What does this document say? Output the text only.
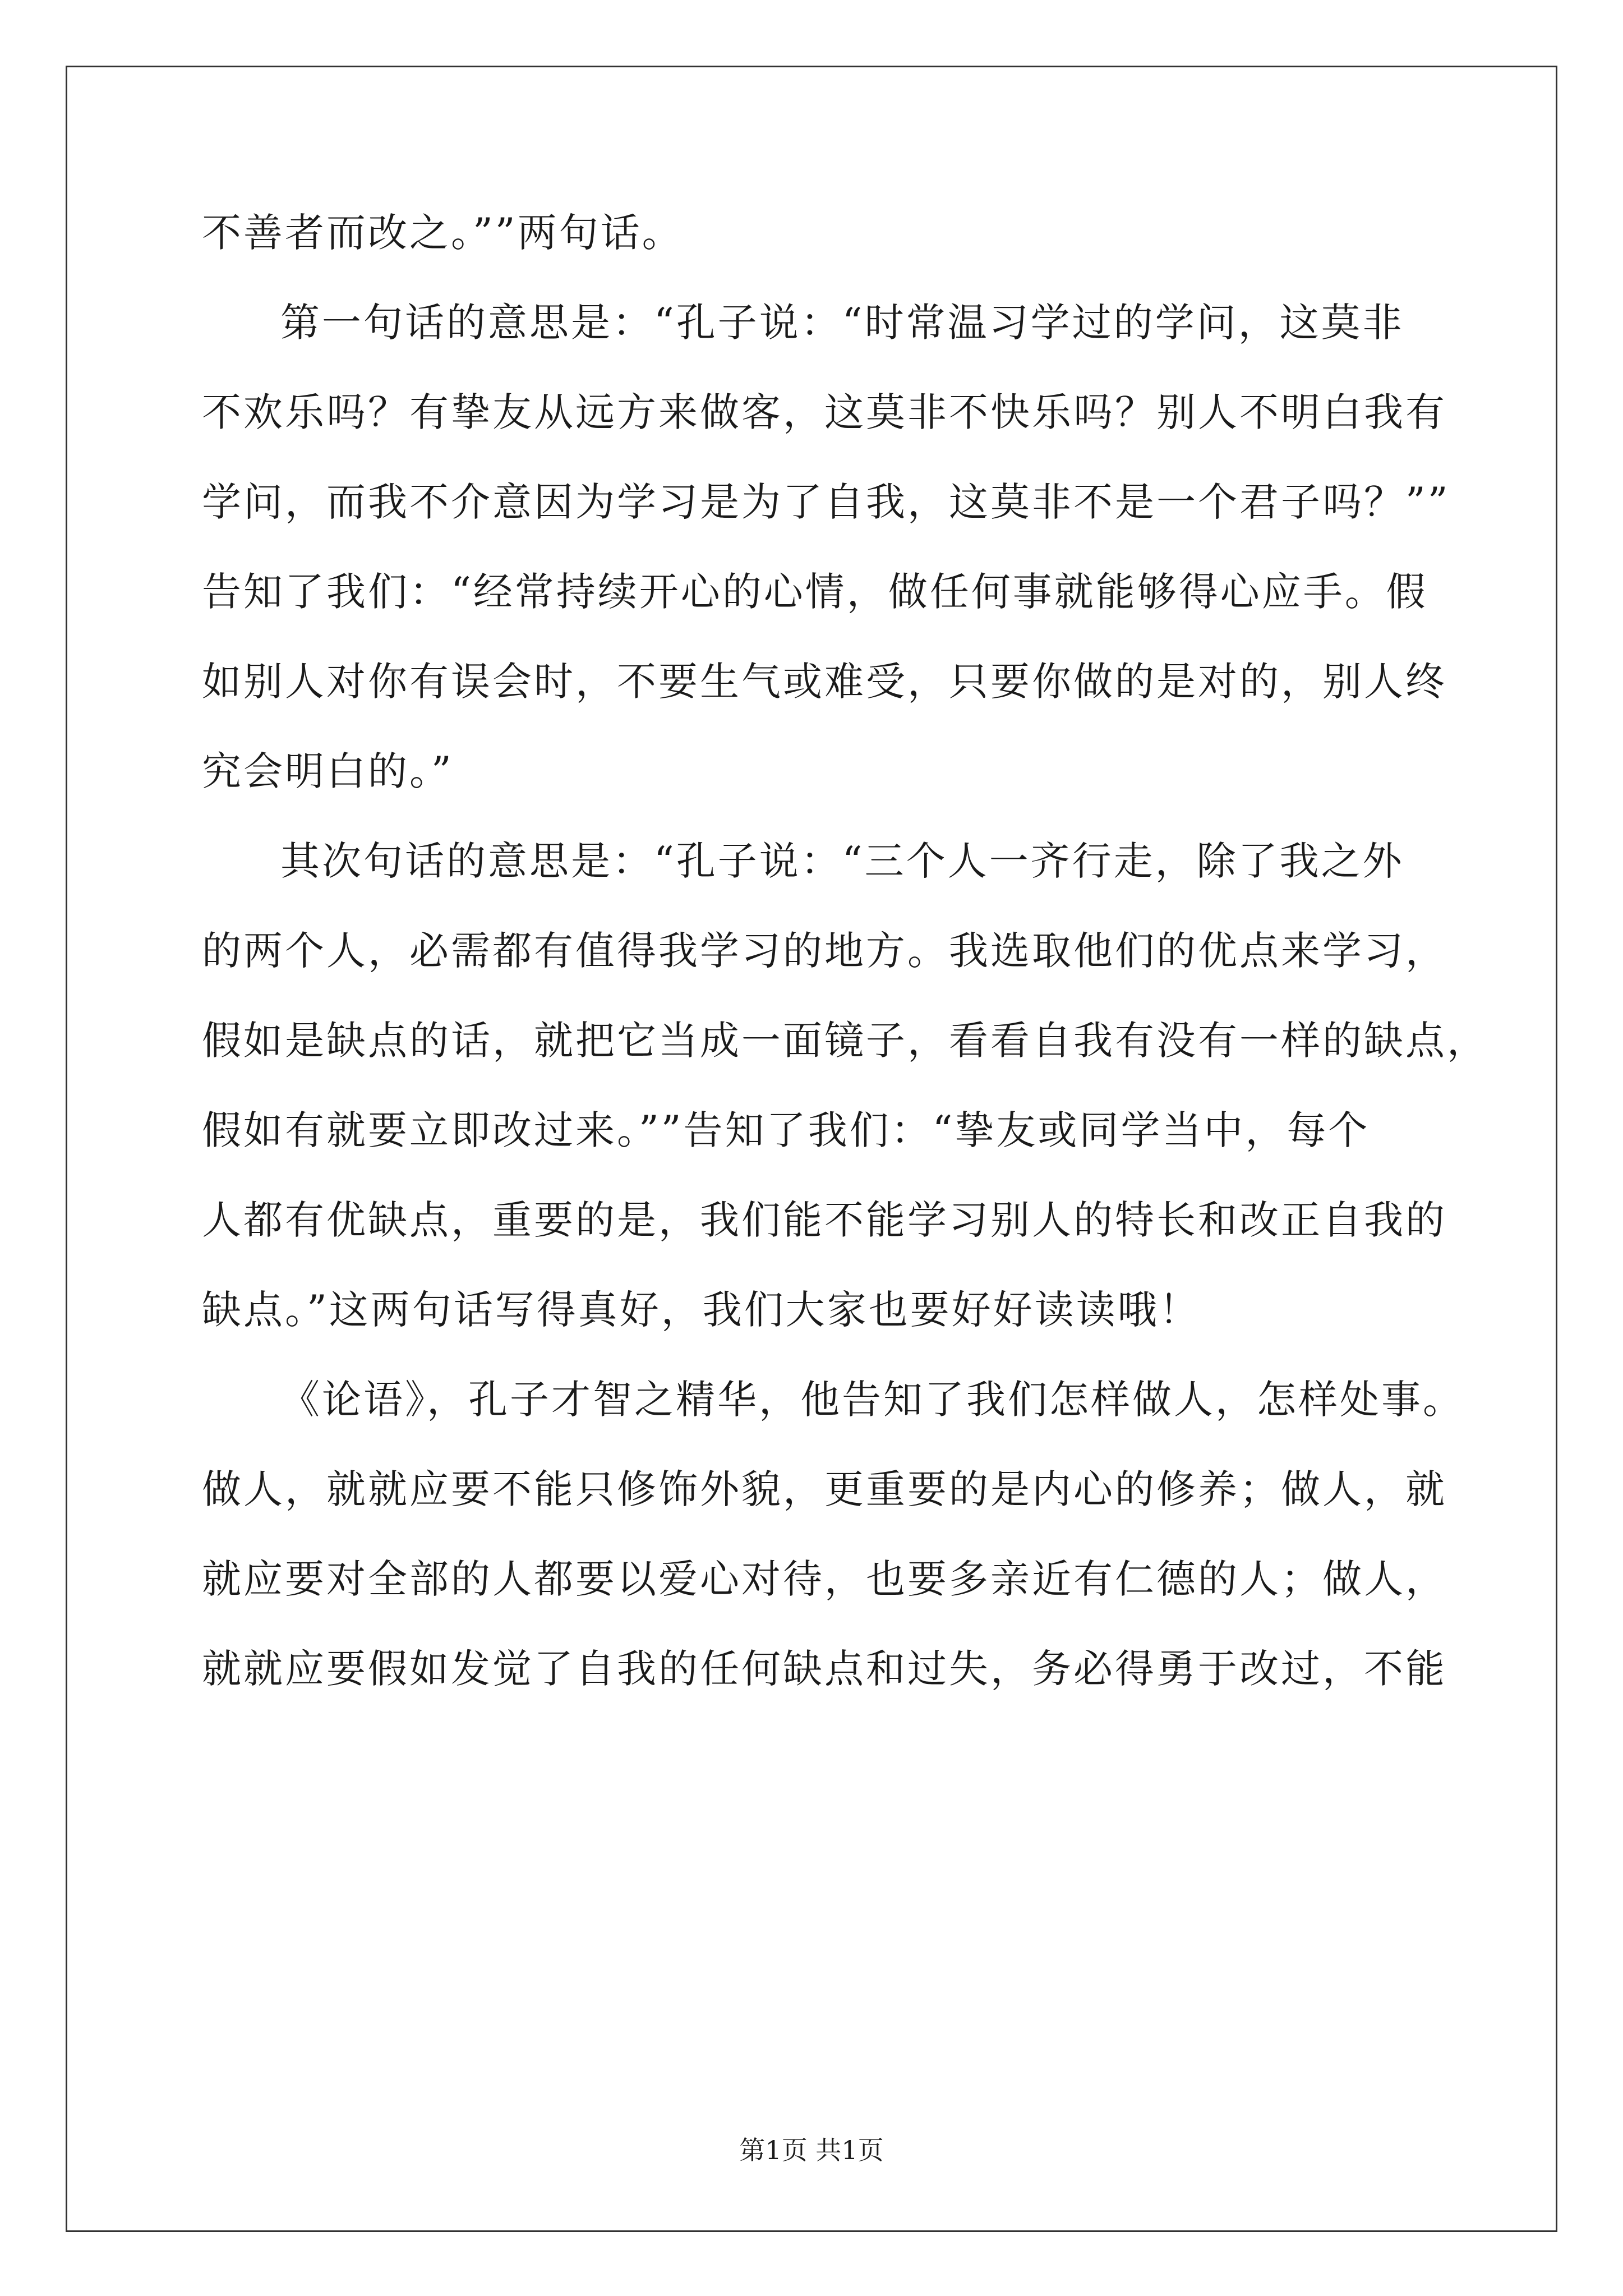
不善者而改之。””两句话。
第一句话的意思是：“孔子说：“时常温习学过的学问，这莫非
不欢乐吗？有挚友从远方来做客，这莫非不快乐吗？别人不明白我有
学问，而我不介意因为学习是为了自我，这莫非不是一个君子吗？””
告知了我们：“经常持续开心的心情，做任何事就能够得心应手。假
如别人对你有误会时，不要生气或难受，只要你做的是对的，别人终
究会明白的。”
其次句话的意思是：“孔子说：“三个人一齐行走，除了我之外
的两个人，必需都有值得我学习的地方。我选取他们的优点来学习，
假如是缺点的话，就把它当成一面镜子，看看自我有没有一样的缺点，
假如有就要立即改过来。””告知了我们：“挚友或同学当中，每个
人都有优缺点，重要的是，我们能不能学习别人的特长和改正自我的
缺点。”这两句话写得真好，我们大家也要好好读读哦！
《论语》，孔子才智之精华，他告知了我们怎样做人，怎样处事。
做人，就就应要不能只修饰外貌，更重要的是内心的修养；做人，就
就应要对全部的人都要以爱心对待，也要多亲近有仁德的人；做人，
就就应要假如发觉了自我的任何缺点和过失，务必得勇于改过，不能
第1页 共1页
